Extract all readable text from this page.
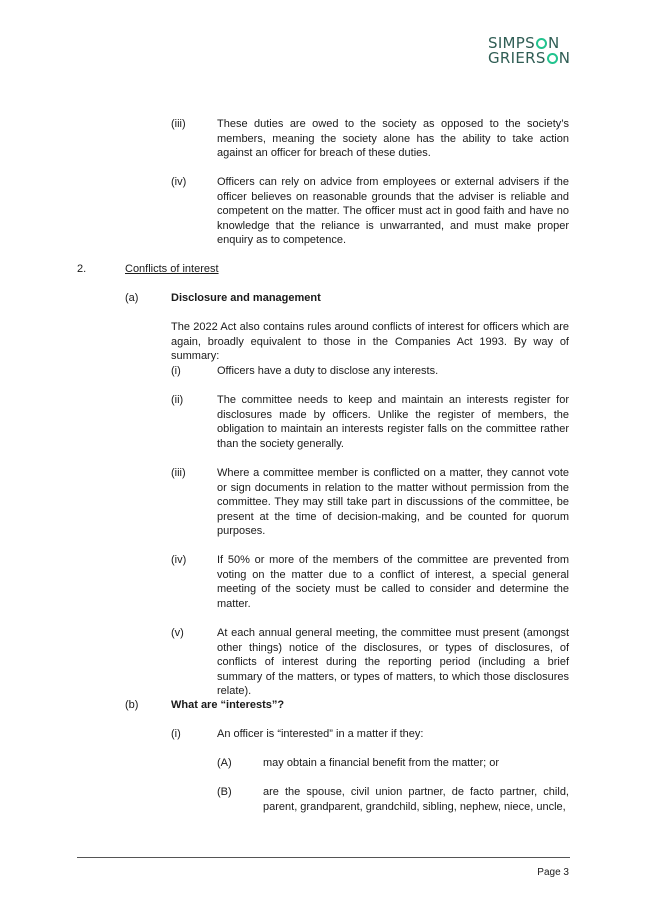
SIMPS N
GRIERS N
(iii)	These duties are owed to the society as opposed to the society’s members, meaning the society alone has the ability to take action against an officer for breach of these duties.
(iv)	Officers can rely on advice from employees or external advisers if the officer believes on reasonable grounds that the adviser is reliable and competent on the matter. The officer must act in good faith and have no knowledge that the reliance is unwarranted, and must make proper enquiry as to competence.
2.	Conflicts of interest
(a)	Disclosure and management
The 2022 Act also contains rules around conflicts of interest for officers which are again, broadly equivalent to those in the Companies Act 1993. By way of summary:
(i)	Officers have a duty to disclose any interests.
(ii)	The committee needs to keep and maintain an interests register for disclosures made by officers. Unlike the register of members, the obligation to maintain an interests register falls on the committee rather than the society generally.
(iii)	Where a committee member is conflicted on a matter, they cannot vote or sign documents in relation to the matter without permission from the committee. They may still take part in discussions of the committee, be present at the time of decision-making, and be counted for quorum purposes.
(iv)	If 50% or more of the members of the committee are prevented from voting on the matter due to a conflict of interest, a special general meeting of the society must be called to consider and determine the matter.
(v)	At each annual general meeting, the committee must present (amongst other things) notice of the disclosures, or types of disclosures, of conflicts of interest during the reporting period (including a brief summary of the matters, or types of matters, to which those disclosures relate).
(b)	What are “interests”?
(i)	An officer is “interested” in a matter if they:
(A)	may obtain a financial benefit from the matter; or
(B)	are the spouse, civil union partner, de facto partner, child, parent, grandparent, grandchild, sibling, nephew, niece, uncle,
Page 3
